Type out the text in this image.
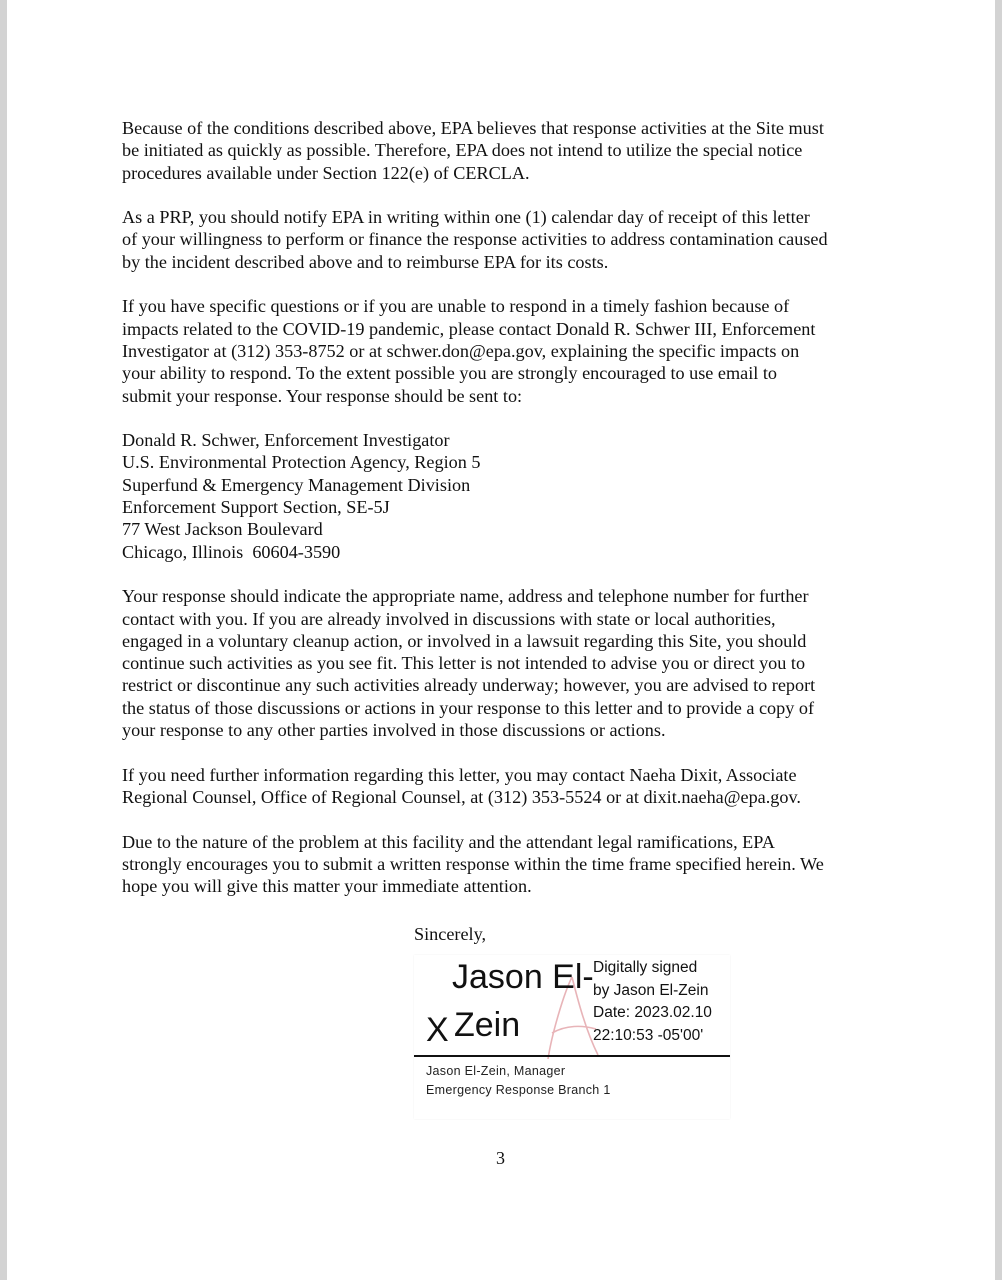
Because of the conditions described above, EPA believes that response activities at the Site must
be initiated as quickly as possible. Therefore, EPA does not intend to utilize the special notice
procedures available under Section 122(e) of CERCLA.

As a PRP, you should notify EPA in writing within one (1) calendar day of receipt of this letter
of your willingness to perform or finance the response activities to address contamination caused
by the incident described above and to reimburse EPA for its costs.

If you have specific questions or if you are unable to respond in a timely fashion because of
impacts related to the COVID-19 pandemic, please contact Donald R. Schwer III, Enforcement
Investigator at (312) 353-8752 or at schwer.don@epa.gov, explaining the specific impacts on
your ability to respond. To the extent possible you are strongly encouraged to use email to
submit your response. Your response should be sent to:

Donald R. Schwer, Enforcement Investigator
U.S. Environmental Protection Agency, Region 5
Superfund & Emergency Management Division
Enforcement Support Section, SE-5J
77 West Jackson Boulevard
Chicago, Illinois  60604-3590

Your response should indicate the appropriate name, address and telephone number for further
contact with you. If you are already involved in discussions with state or local authorities,
engaged in a voluntary cleanup action, or involved in a lawsuit regarding this Site, you should
continue such activities as you see fit. This letter is not intended to advise you or direct you to
restrict or discontinue any such activities already underway; however, you are advised to report
the status of those discussions or actions in your response to this letter and to provide a copy of
your response to any other parties involved in those discussions or actions.

If you need further information regarding this letter, you may contact Naeha Dixit, Associate
Regional Counsel, Office of Regional Counsel, at (312) 353-5524 or at dixit.naeha@epa.gov.

Due to the nature of the problem at this facility and the attendant legal ramifications, EPA
strongly encourages you to submit a written response within the time frame specified herein. We
hope you will give this matter your immediate attention.

Sincerely,
Jason El-
X Zein
Digitally signed
by Jason El-Zein
Date: 2023.02.10
22:10:53 -05'00'
Jason El-Zein, Manager
Emergency Response Branch 1
3
